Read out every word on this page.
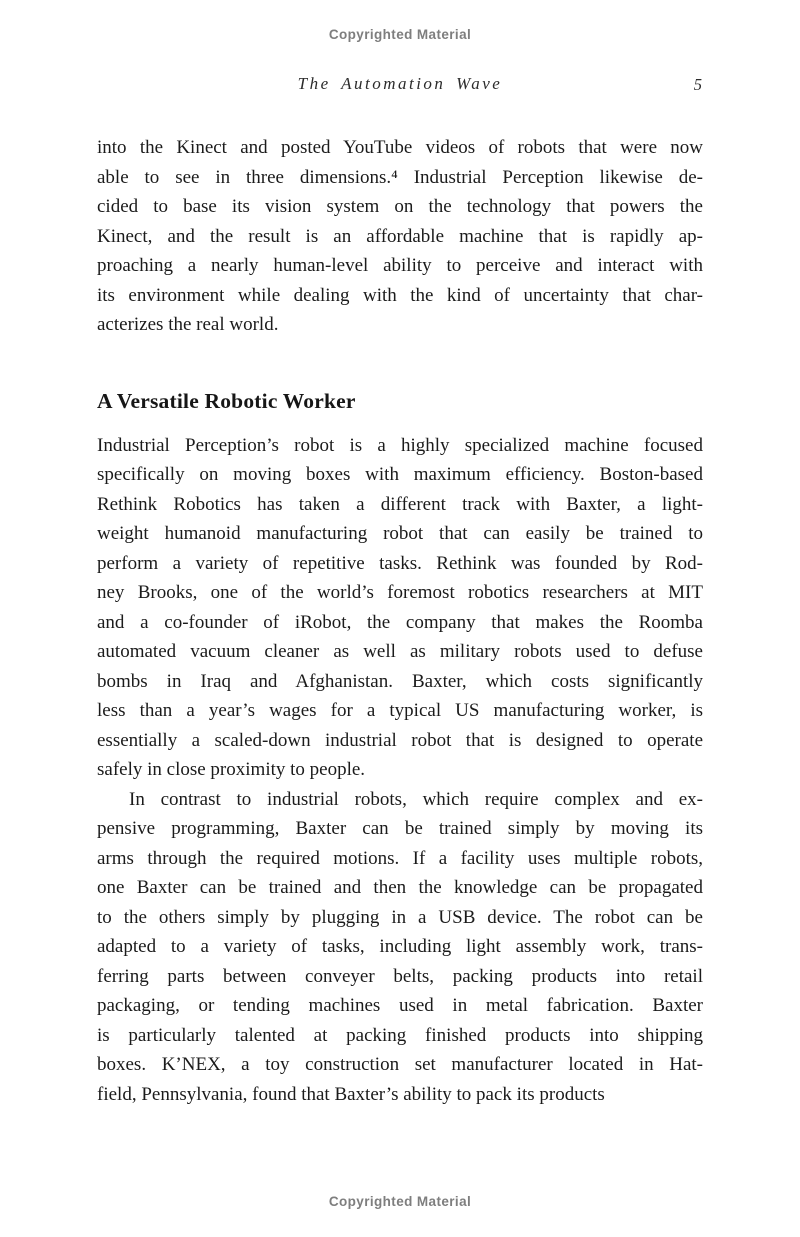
Copyrighted Material
The Automation Wave	5
into the Kinect and posted YouTube videos of robots that were now
able to see in three dimensions.⁴ Industrial Perception likewise de-
cided to base its vision system on the technology that powers the
Kinect, and the result is an affordable machine that is rapidly ap-
proaching a nearly human-level ability to perceive and interact with
its environment while dealing with the kind of uncertainty that char-
acterizes the real world.
A Versatile Robotic Worker
Industrial Perception’s robot is a highly specialized machine focused
specifically on moving boxes with maximum efficiency. Boston-based
Rethink Robotics has taken a different track with Baxter, a light-
weight humanoid manufacturing robot that can easily be trained to
perform a variety of repetitive tasks. Rethink was founded by Rod-
ney Brooks, one of the world’s foremost robotics researchers at MIT
and a co-founder of iRobot, the company that makes the Roomba
automated vacuum cleaner as well as military robots used to defuse
bombs in Iraq and Afghanistan. Baxter, which costs significantly
less than a year’s wages for a typical US manufacturing worker, is
essentially a scaled-down industrial robot that is designed to operate
safely in close proximity to people.
In contrast to industrial robots, which require complex and ex-
pensive programming, Baxter can be trained simply by moving its
arms through the required motions. If a facility uses multiple robots,
one Baxter can be trained and then the knowledge can be propagated
to the others simply by plugging in a USB device. The robot can be
adapted to a variety of tasks, including light assembly work, trans-
ferring parts between conveyer belts, packing products into retail
packaging, or tending machines used in metal fabrication. Baxter
is particularly talented at packing finished products into shipping
boxes. K’NEX, a toy construction set manufacturer located in Hat-
field, Pennsylvania, found that Baxter’s ability to pack its products
Copyrighted Material
